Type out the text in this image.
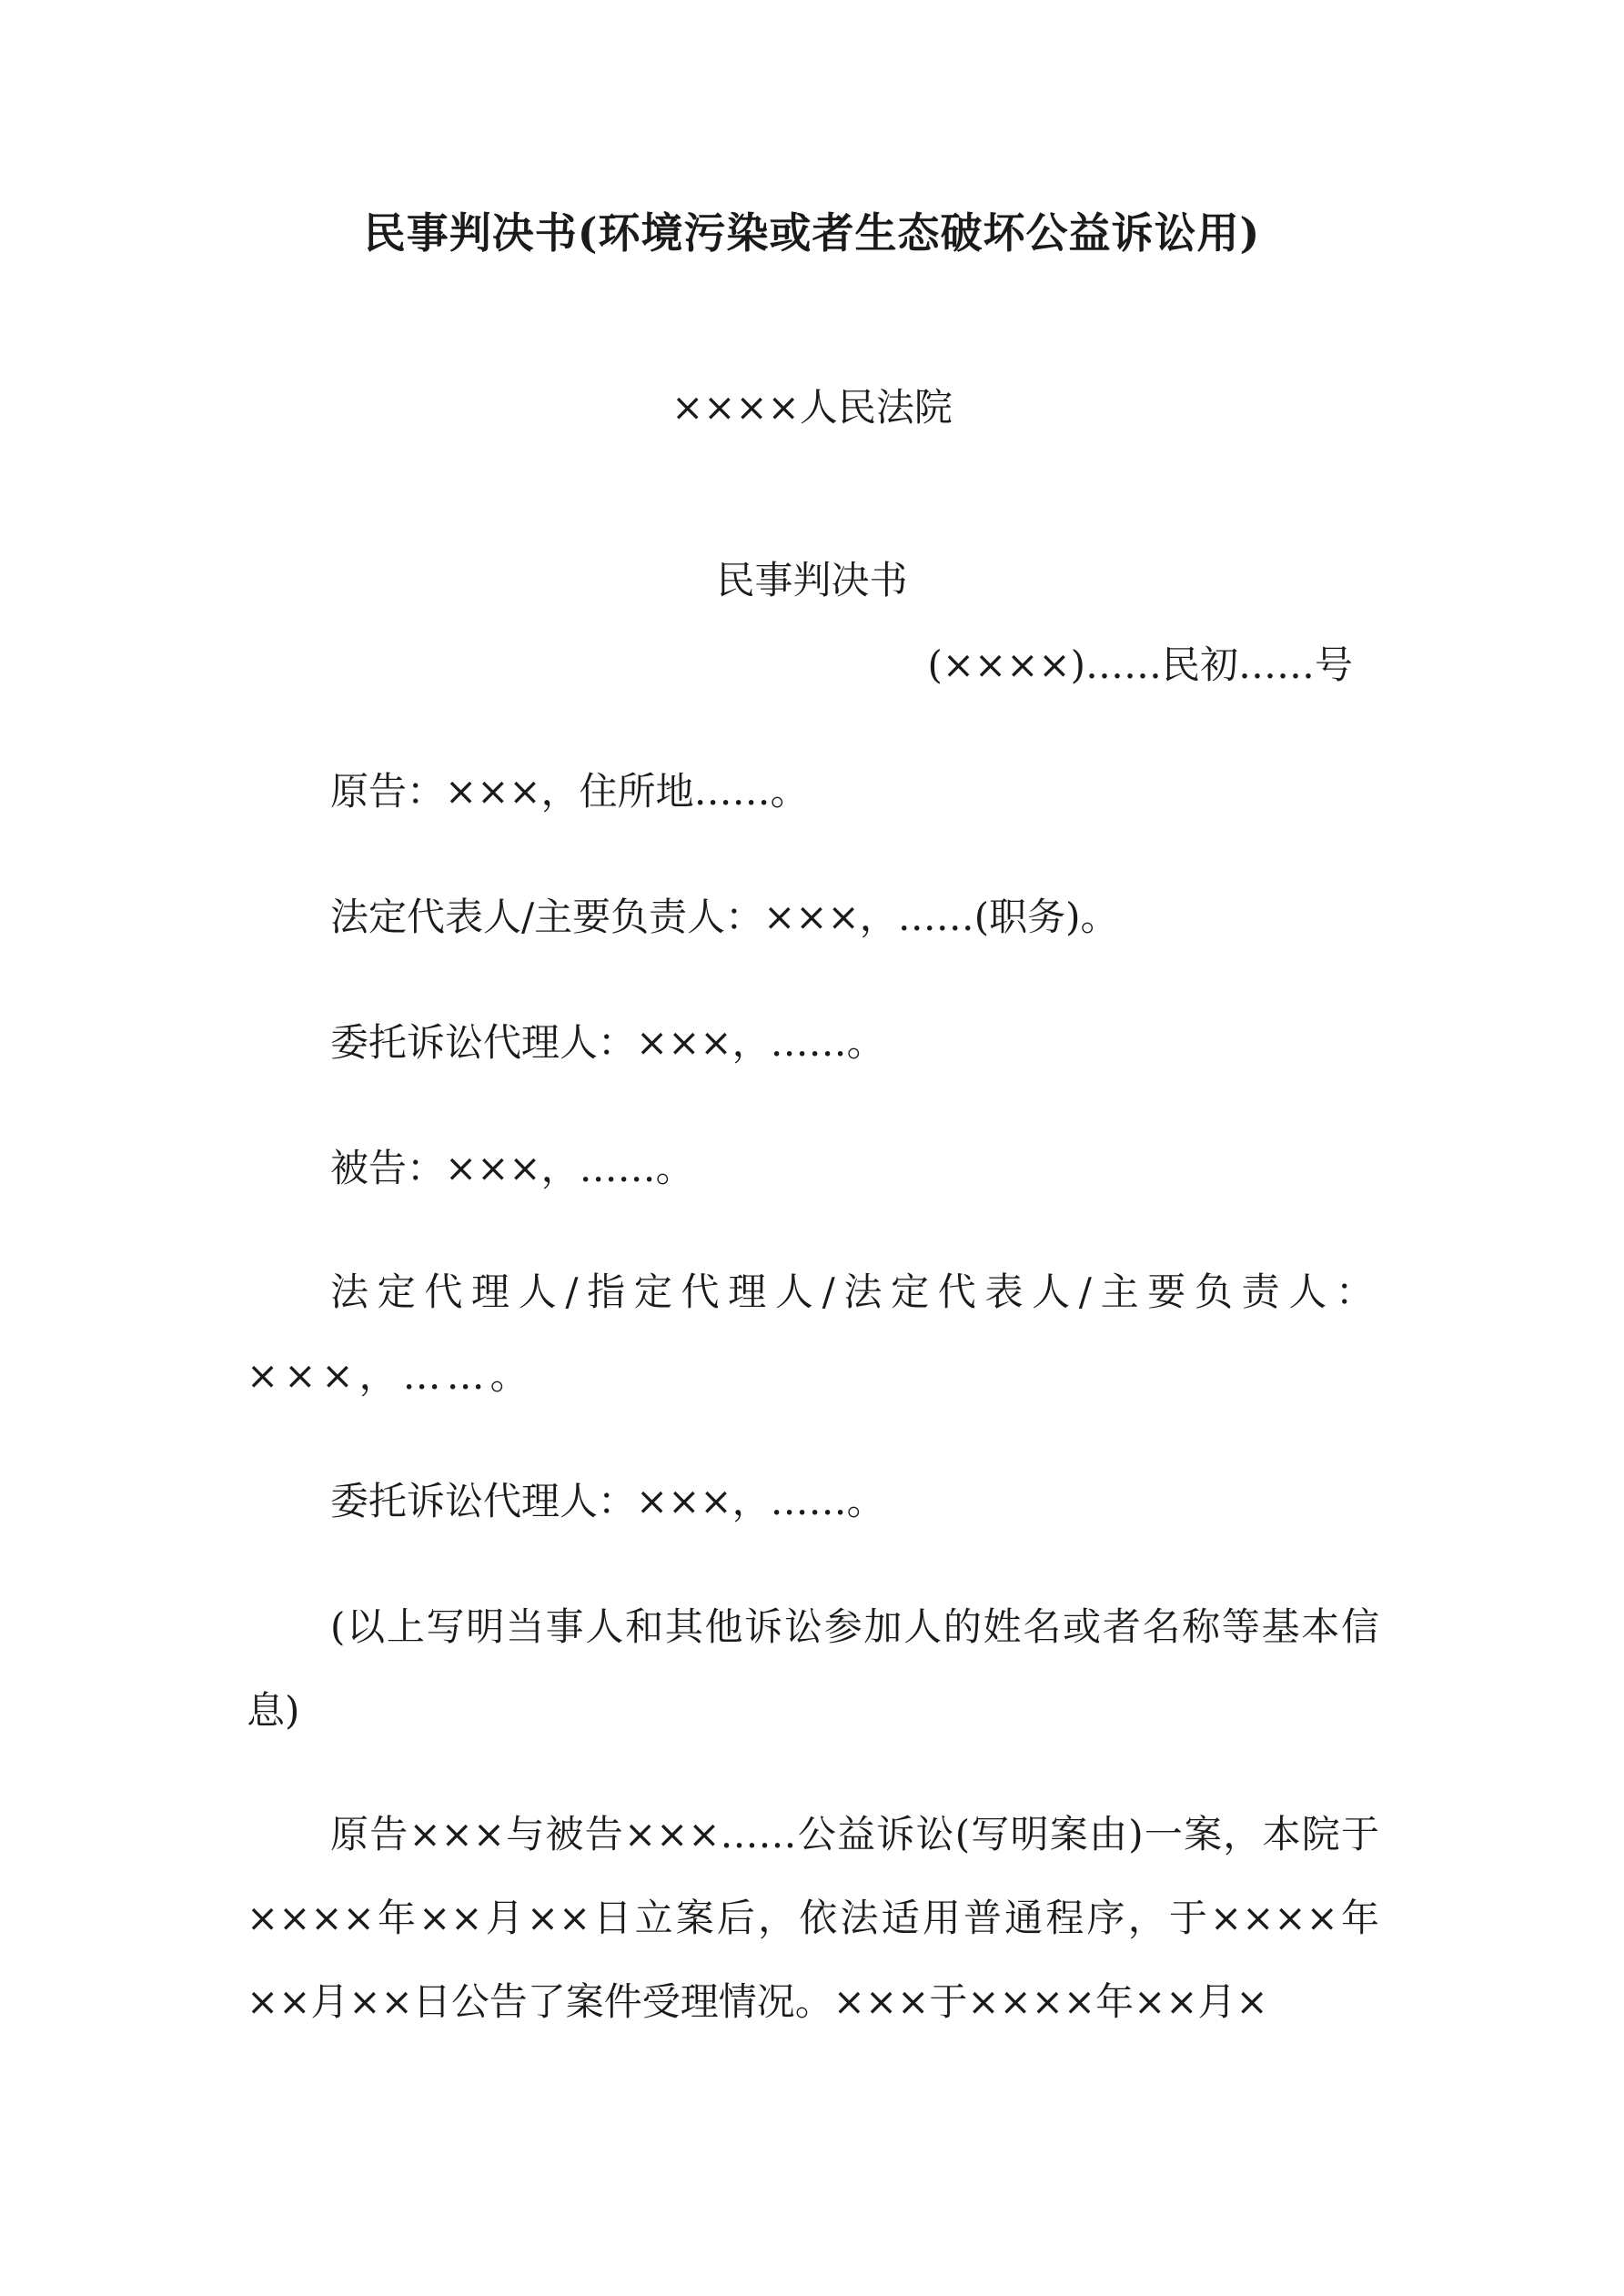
民事判决书(环境污染或者生态破坏公益诉讼用)
××××人民法院
民事判决书
(××××)……民初……号

原告：×××，住所地……。

法定代表人/主要负责人：×××，……(职务)。

委托诉讼代理人：×××，……。

被告：×××，……。

法定代理人/指定代理人/法定代表人/主要负责人：×××，……。

委托诉讼代理人：×××，……。

(以上写明当事人和其他诉讼参加人的姓名或者名称等基本信息)

原告×××与被告×××……公益诉讼(写明案由)一案，本院于××××年××月××日立案后，依法适用普通程序，于××××年××月××日公告了案件受理情况。×××于××××年××月×
